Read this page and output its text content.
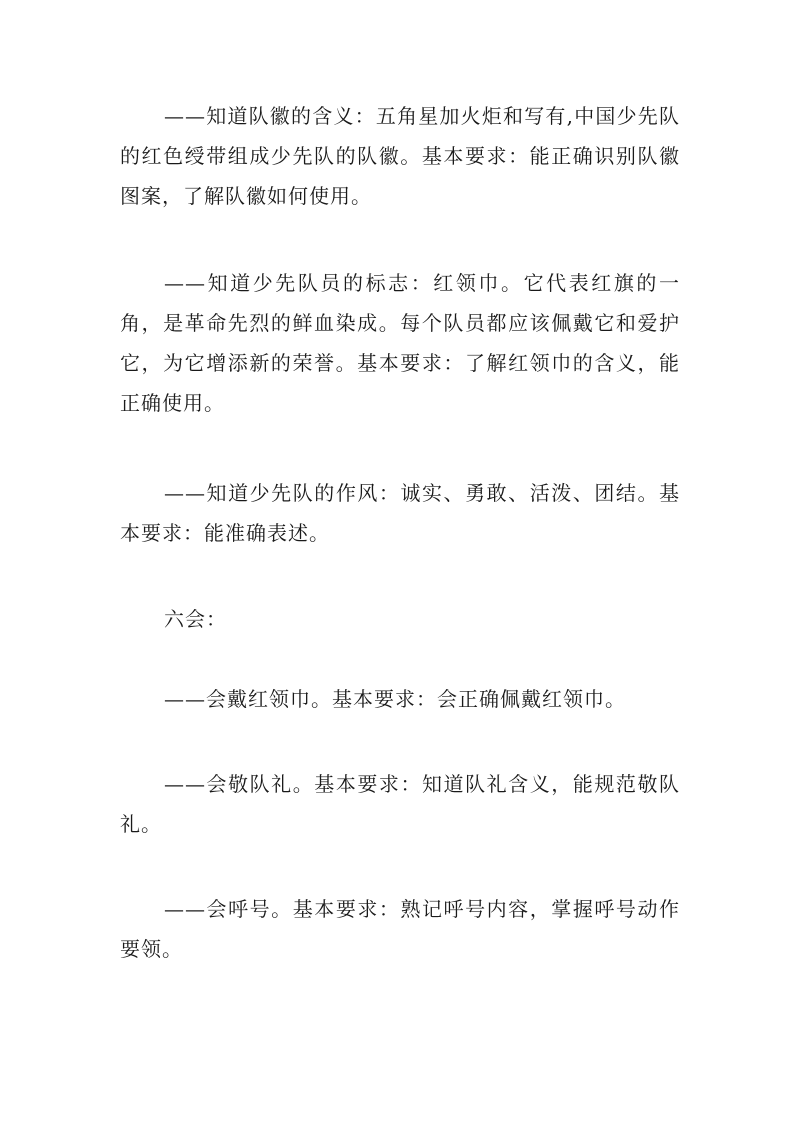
——知道队徽的含义：五角星加火炬和写有,中国少先队的红色绶带组成少先队的队徽。基本要求：能正确识别队徽图案，了解队徽如何使用。

——知道少先队员的标志：红领巾。它代表红旗的一角，是革命先烈的鲜血染成。每个队员都应该佩戴它和爱护它，为它增添新的荣誉。基本要求：了解红领巾的含义，能正确使用。

——知道少先队的作风：诚实、勇敢、活泼、团结。基本要求：能准确表述。

六会：

——会戴红领巾。基本要求：会正确佩戴红领巾。

——会敬队礼。基本要求：知道队礼含义，能规范敬队礼。

——会呼号。基本要求：熟记呼号内容，掌握呼号动作要领。
